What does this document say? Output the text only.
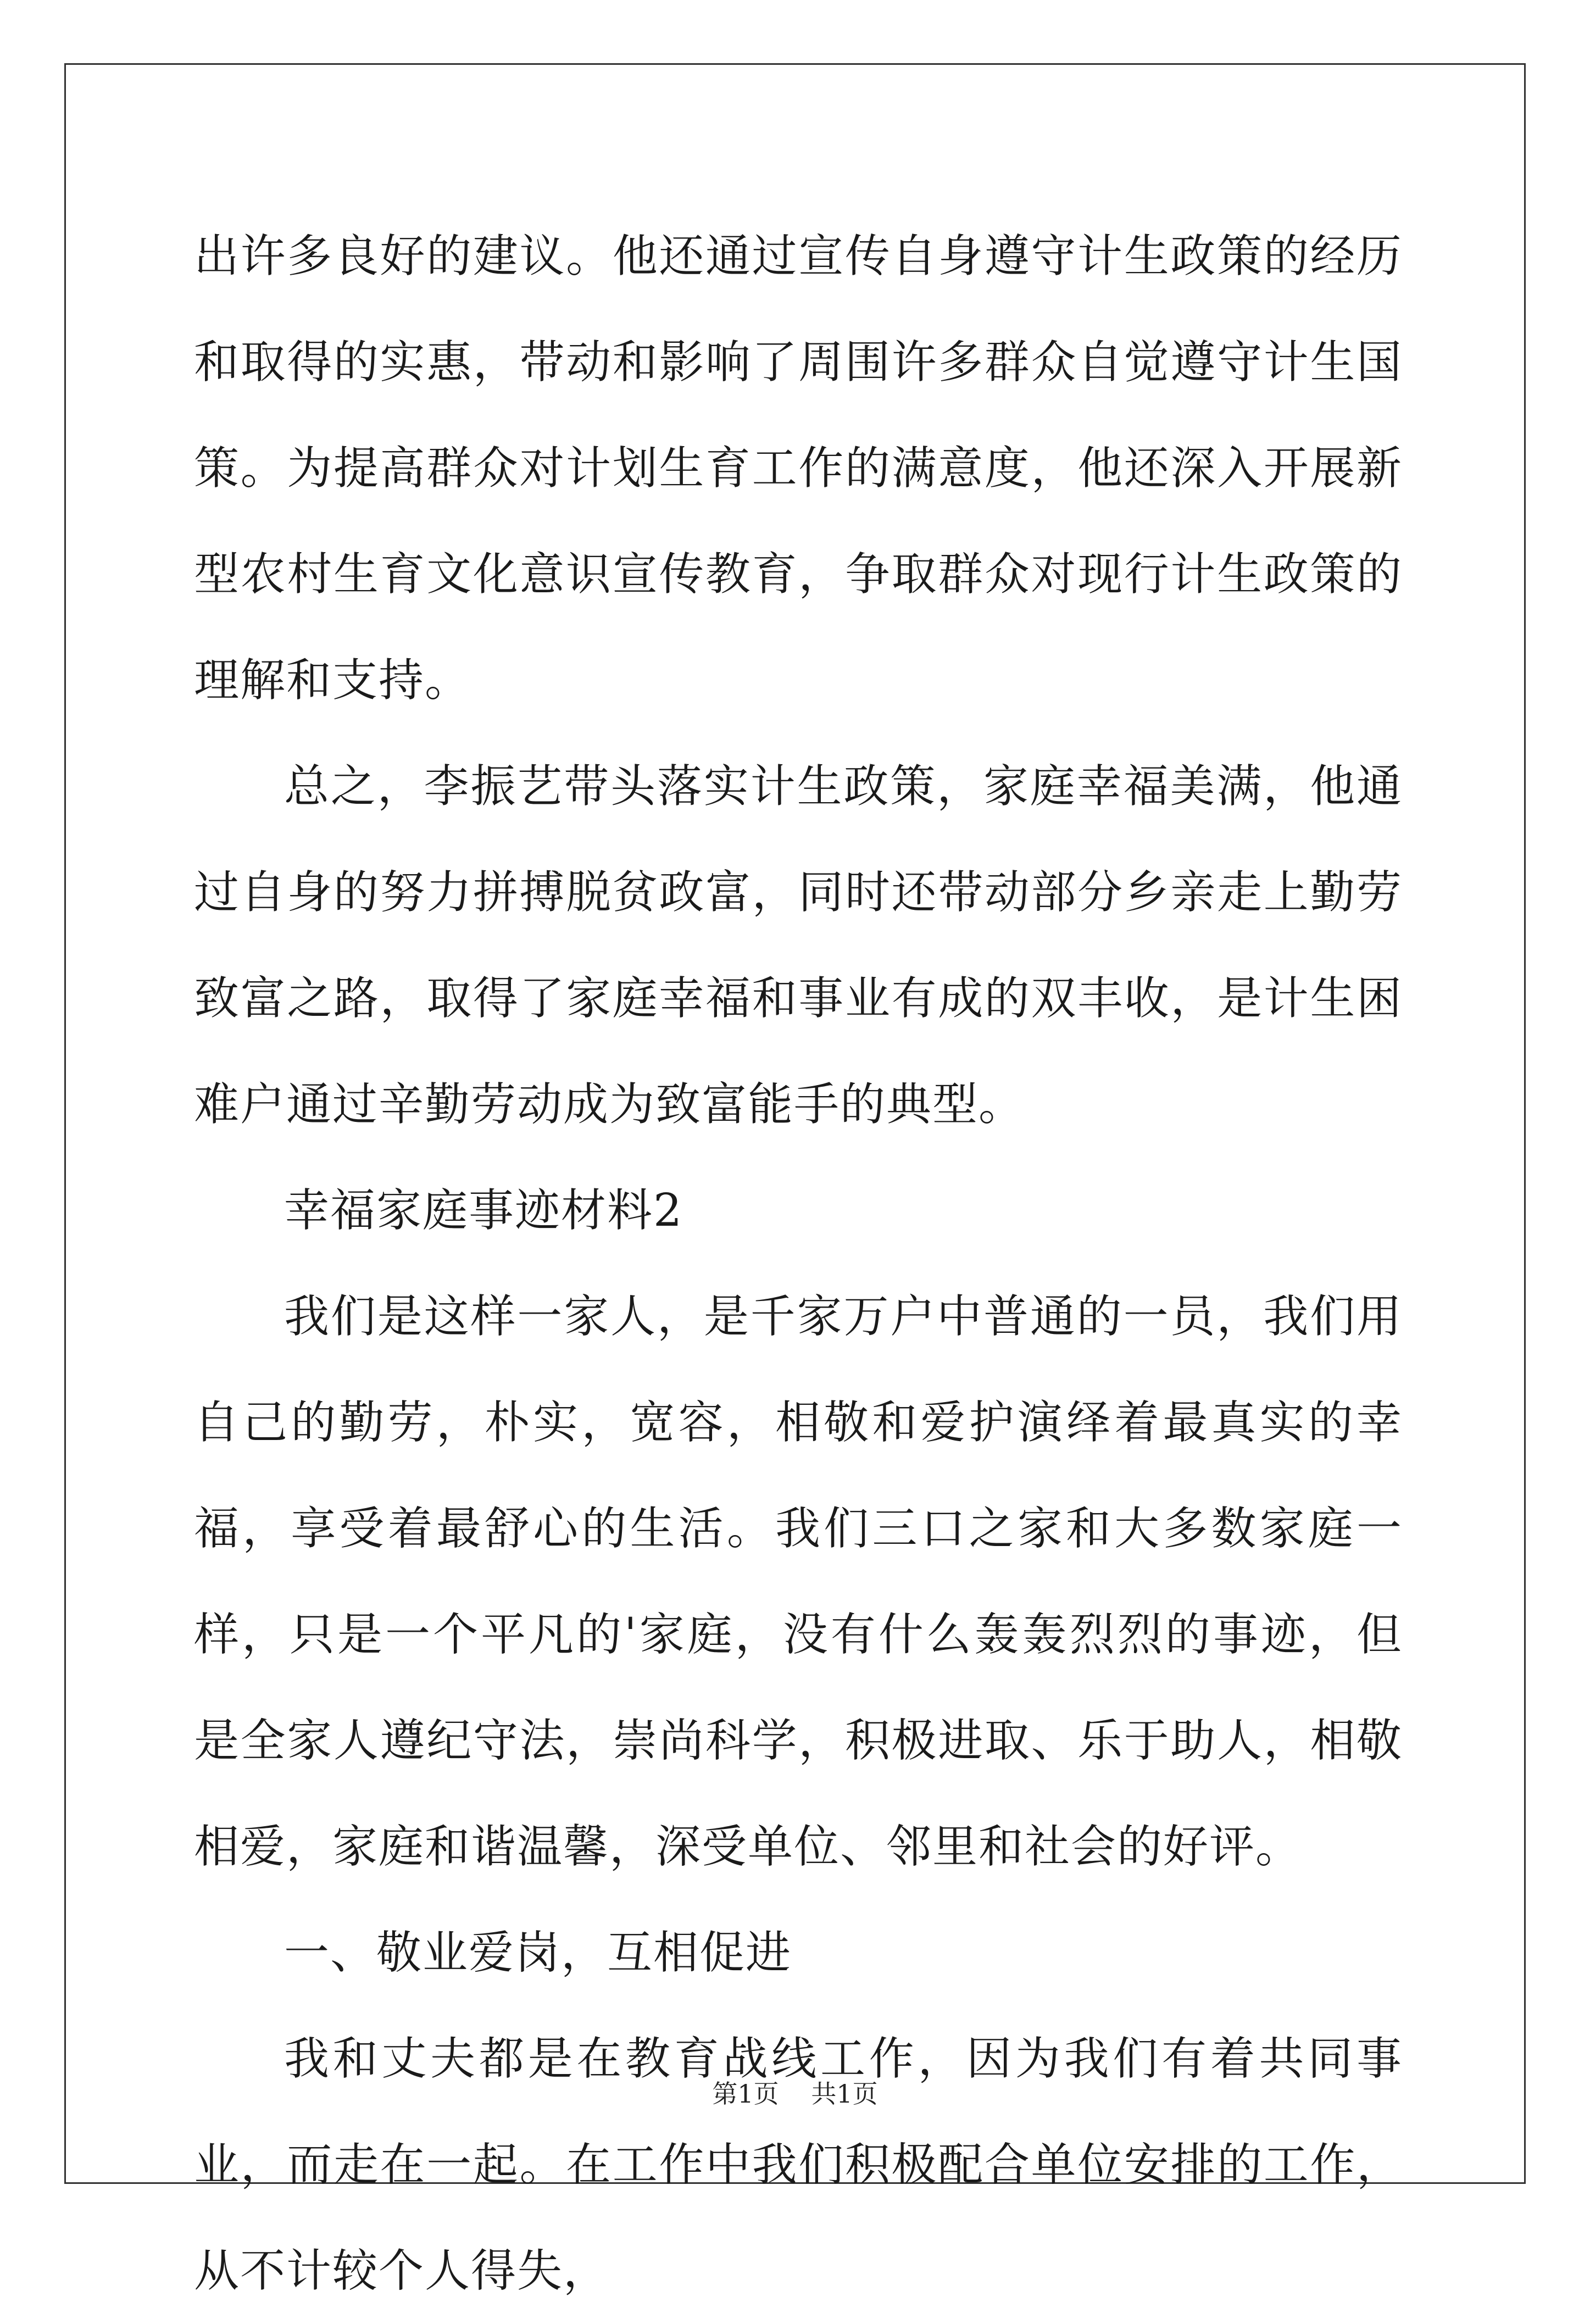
出许多良好的建议。他还通过宣传自身遵守计生政策的经历和取得的实惠，带动和影响了周围许多群众自觉遵守计生国策。为提高群众对计划生育工作的满意度，他还深入开展新型农村生育文化意识宣传教育，争取群众对现行计生政策的理解和支持。

总之，李振艺带头落实计生政策，家庭幸福美满，他通过自身的努力拼搏脱贫政富，同时还带动部分乡亲走上勤劳致富之路，取得了家庭幸福和事业有成的双丰收，是计生困难户通过辛勤劳动成为致富能手的典型。

幸福家庭事迹材料2

我们是这样一家人，是千家万户中普通的一员，我们用自己的勤劳，朴实，宽容，相敬和爱护演绎着最真实的幸福，享受着最舒心的生活。我们三口之家和大多数家庭一样，只是一个平凡的'家庭，没有什么轰轰烈烈的事迹，但是全家人遵纪守法，崇尚科学，积极进取、乐于助人，相敬相爱，家庭和谐温馨，深受单位、邻里和社会的好评。

一、敬业爱岗，互相促进

我和丈夫都是在教育战线工作，因为我们有着共同事业，而走在一起。在工作中我们积极配合单位安排的工作，从不计较个人得失，

第1页 共1页
